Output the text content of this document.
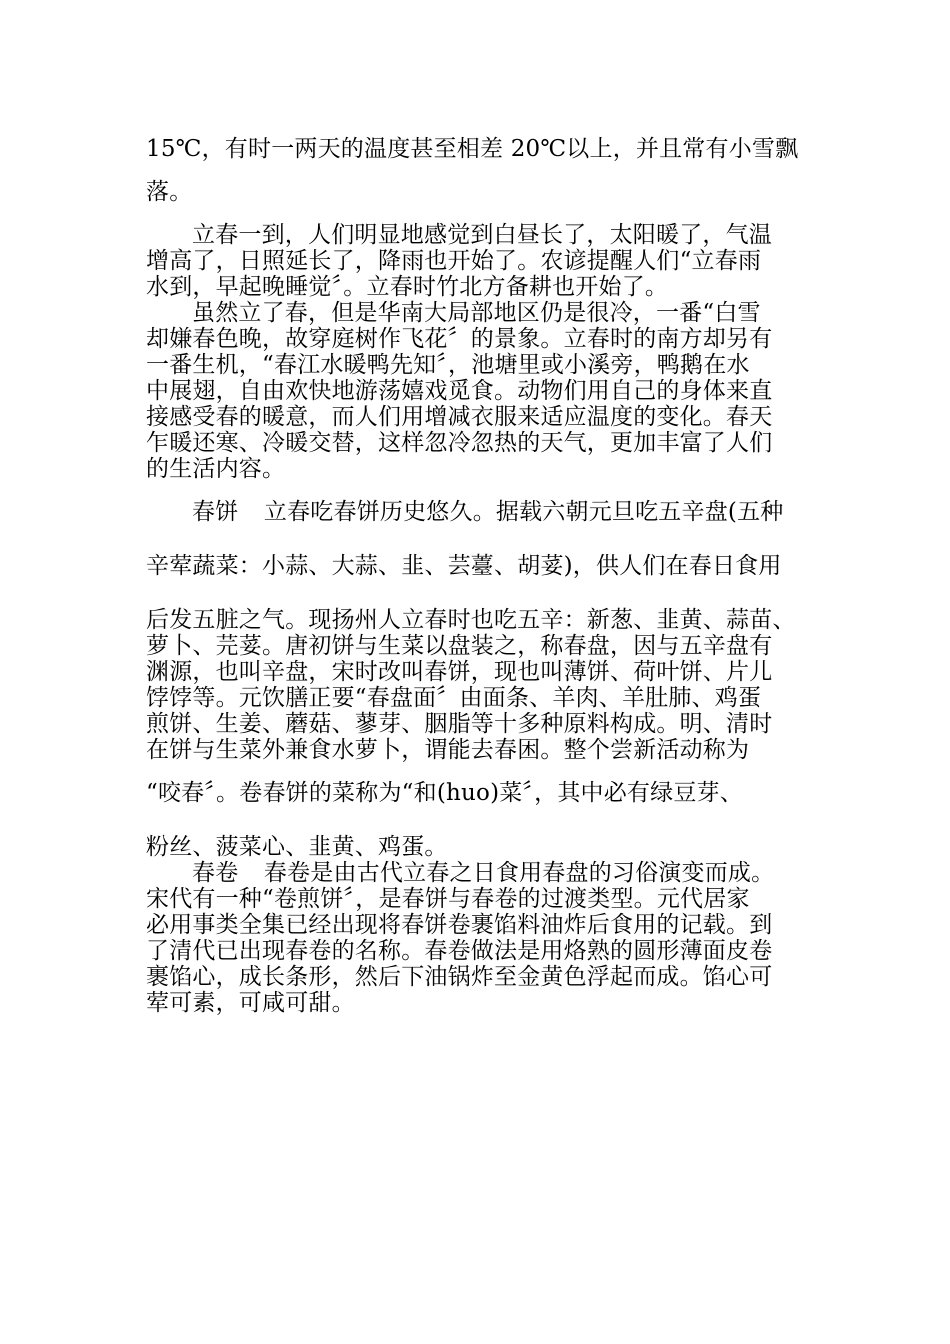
15℃，有时一两天的温度甚至相差 20℃以上，并且常有小雪飘
落。
立春一到，人们明显地感觉到白昼长了，太阳暖了，气温
增高了，日照延长了，降雨也开始了。农谚提醒人们“立春雨
水到，早起晚睡觉〞。立春时竹北方备耕也开始了。
虽然立了春，但是华南大局部地区仍是很冷，一番“白雪
却嫌春色晚，故穿庭树作飞花〞的景象。立春时的南方却另有
一番生机，“春江水暖鸭先知〞，池塘里或小溪旁，鸭鹅在水
中展翅，自由欢快地游荡嬉戏觅食。动物们用自己的身体来直
接感受春的暖意，而人们用增减衣服来适应温度的变化。春天
乍暖还寒、冷暖交替，这样忽冷忽热的天气，更加丰富了人们
的生活内容。
春饼 立春吃春饼历史悠久。据载六朝元旦吃五辛盘(五种
辛荤蔬菜：小蒜、大蒜、韭、芸薹、胡荽)，供人们在春日食用
后发五脏之气。现扬州人立春时也吃五辛：新葱、韭黄、蒜苗、
萝卜、芫荽。唐初饼与生菜以盘装之，称春盘，因与五辛盘有
渊源，也叫辛盘，宋时改叫春饼，现也叫薄饼、荷叶饼、片儿
饽饽等。元饮膳正要“春盘面〞由面条、羊肉、羊肚肺、鸡蛋
煎饼、生姜、蘑菇、蓼芽、胭脂等十多种原料构成。明、清时
在饼与生菜外兼食水萝卜，谓能去春困。整个尝新活动称为
“咬春〞。卷春饼的菜称为“和(huo)菜〞，其中必有绿豆芽、
粉丝、菠菜心、韭黄、鸡蛋。
春卷 春卷是由古代立春之日食用春盘的习俗演变而成。
宋代有一种“卷煎饼〞，是春饼与春卷的过渡类型。元代居家
必用事类全集已经出现将春饼卷裹馅料油炸后食用的记载。到
了清代已出现春卷的名称。春卷做法是用烙熟的圆形薄面皮卷
裹馅心，成长条形，然后下油锅炸至金黄色浮起而成。馅心可
荤可素，可咸可甜。
